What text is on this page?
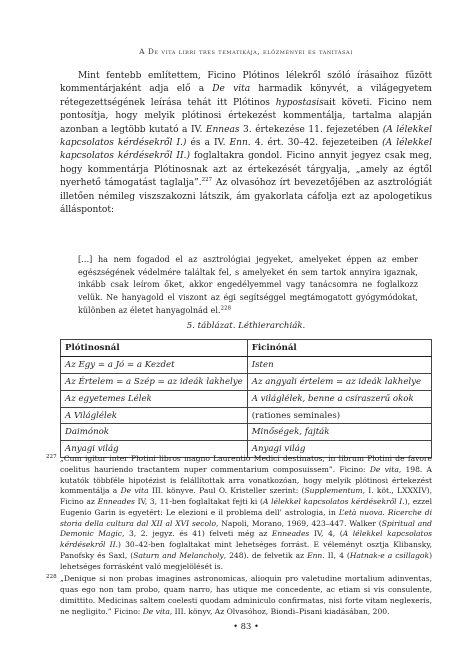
A De vita libri tres tematikája, előzményei és tanításai

Mint fentebb említettem, Ficino Plótinos lélekről szóló írásaihoz fűzött kommentárjaként adja elő a De vita harmadik könyvét, a világegyetem rétegezettségének leírása tehát itt Plótinos hypostasisait követi. Ficino nem pontosítja, hogy melyik plótinosi értekezést kommentálja, tartalma alapján azonban a legtöbb kutató a IV. Enneas 3. értekezése 11. fejezetében (A lélekkel kapcsolatos kérdésekről I.) és a IV. Enn. 4. ért. 30–42. fejezeteiben (A lélekkel kapcsolatos kérdésekről II.) foglaltakra gondol. Ficino annyit jegyez csak meg, hogy kommentárja Plótinosnak azt az értekezését tárgyalja, „amely az égtől nyerhető támogatást taglalja”.$^{227}$ Az olvasóhoz írt bevezetőjében az asztrológiát illetően némileg viszszakozni látszik, ám gyakorlata cáfolja ezt az apologetikus álláspontot:

[…] ha nem fogadod el az asztrológiai jegyeket, amelyeket éppen az ember egészségének védelmére találtak fel, s amelyeket én sem tartok annyira igaznak, inkább csak leírom őket, akkor engedélyemmel vagy tanácsomra ne foglalkozz velük. Ne hanyagold el viszont az égi segítséggel megtámogatott gyógymódokat, különben az életet hanyagolnád el.$^{228}$

5. táblázat. Léthierarchiák.
Plótinosnál	Ficinónál
Az Egy = a Jó = a Kezdet	Isten
Az Értelem = a Szép = az ideák lakhelye	Az angyali értelem = az ideák lakhelye
Az egyetemes Lélek	A világlélek, benne a csíraszerű okok
A Világlélek	(rationes seminales)
Daimónok	Minőségek, fajták
Anyagi világ	Anyagi világ
227 „Cum igitur inter Plotini libros magno Laurentio Medici destinatos, in librum Plotini de favore coelitus hauriendo tractantem nuper commentarium composuissem”. Ficino: De vita, 198. A kutatók többféle hipotézist is felállítottak arra vonatkozóan, hogy melyik plótinosi értekezést kommentálja a De vita III. könyve. Paul O. Kristeller szerint: (Supplementum, I. köt., LXXXIV), Ficino az Enneades IV, 3, 11-ben foglaltakat fejti ki (A lélekkel kapcsolatos kérdésekről I.), ezzel Eugenio Garin is egyetért: Le elezioni e il problema dell’ astrologia, in L’età nuova. Ricerche di storia della cultura dal XII al XVI secolo, Napoli, Morano, 1969, 423–447. Walker (Spiritual and Demonic Magic, 3, 2. jegyz. és 41) felveti még az Enneades IV, 4, (A lélekkel kapcsolatos kérdésekről II.) 30–42-ben foglaltakat mint lehetséges forrást. E véleményt osztja Klibansky, Panofsky és Saxl, (Saturn and Melancholy, 248). de felvetik az Enn. II, 4 (Hatnak-e a csillagok) lehetséges forrásként való megjelölését is.
228 „Denique si non probas imagines astronomicas, alioquin pro valetudine mortalium adinventas, quas ego non tam probo, quam narro, has utique me concedente, ac etiam si vis consulente, dimittito. Medicinas saltem coelesti quodam adminiculo confirmatas, nisi forte vitam neglexeris, ne negligito.” Ficino: De vita, III. könyv, Az Olvasóhoz, Biondi–Pisani kiadásában, 200.
• 83 •
